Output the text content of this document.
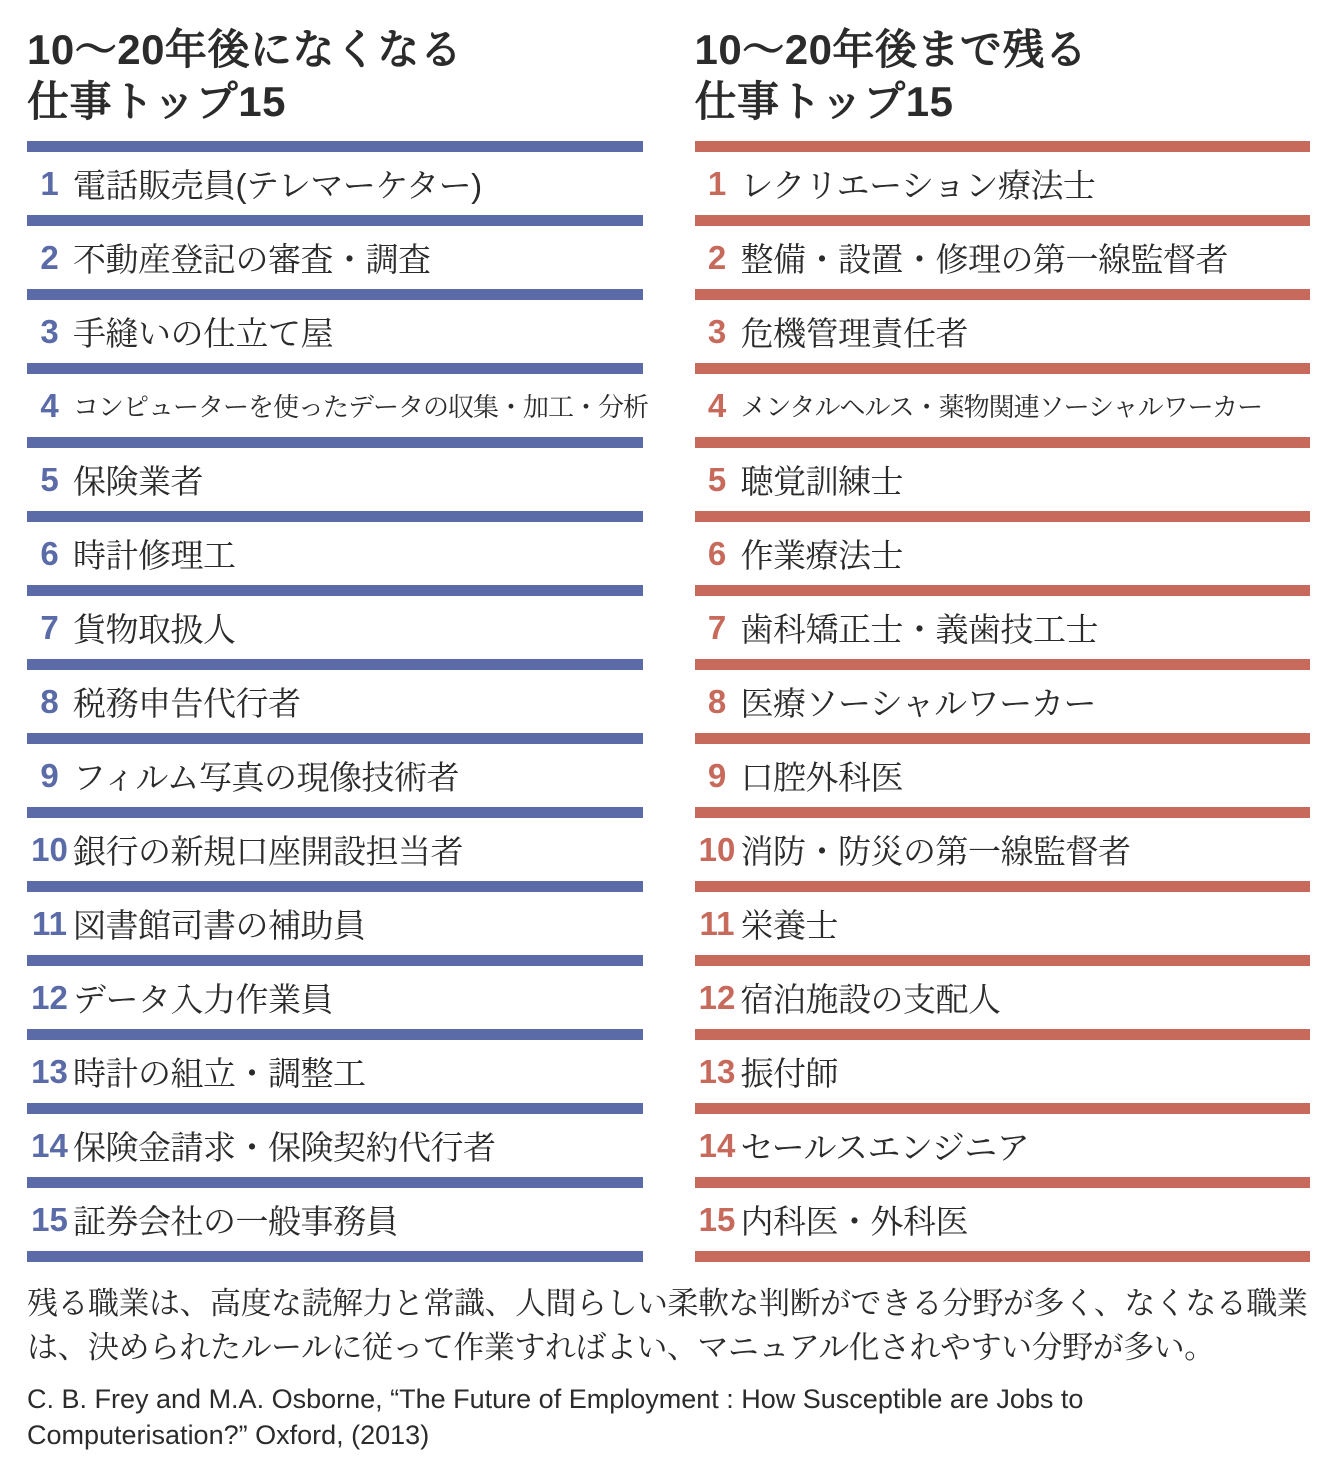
10〜20年後になくなる
仕事トップ15
1 電話販売員(テレマーケター)
2 不動産登記の審査・調査
3 手縫いの仕立て屋
4 コンピューターを使ったデータの収集・加工・分析
5 保険業者
6 時計修理工
7 貨物取扱人
8 税務申告代行者
9 フィルム写真の現像技術者
10 銀行の新規口座開設担当者
11 図書館司書の補助員
12 データ入力作業員
13 時計の組立・調整工
14 保険金請求・保険契約代行者
15 証券会社の一般事務員
10〜20年後まで残る
仕事トップ15
1 レクリエーション療法士
2 整備・設置・修理の第一線監督者
3 危機管理責任者
4 メンタルヘルス・薬物関連ソーシャルワーカー
5 聴覚訓練士
6 作業療法士
7 歯科矯正士・義歯技工士
8 医療ソーシャルワーカー
9 口腔外科医
10 消防・防災の第一線監督者
11 栄養士
12 宿泊施設の支配人
13 振付師
14 セールスエンジニア
15 内科医・外科医
残る職業は、高度な読解力と常識、人間らしい柔軟な判断ができる分野が多く、なくなる職業
は、決められたルールに従って作業すればよい、マニュアル化されやすい分野が多い。
C. B. Frey and M.A. Osborne, “The Future of Employment : How Susceptible are Jobs to
Computerisation?” Oxford, (2013)
